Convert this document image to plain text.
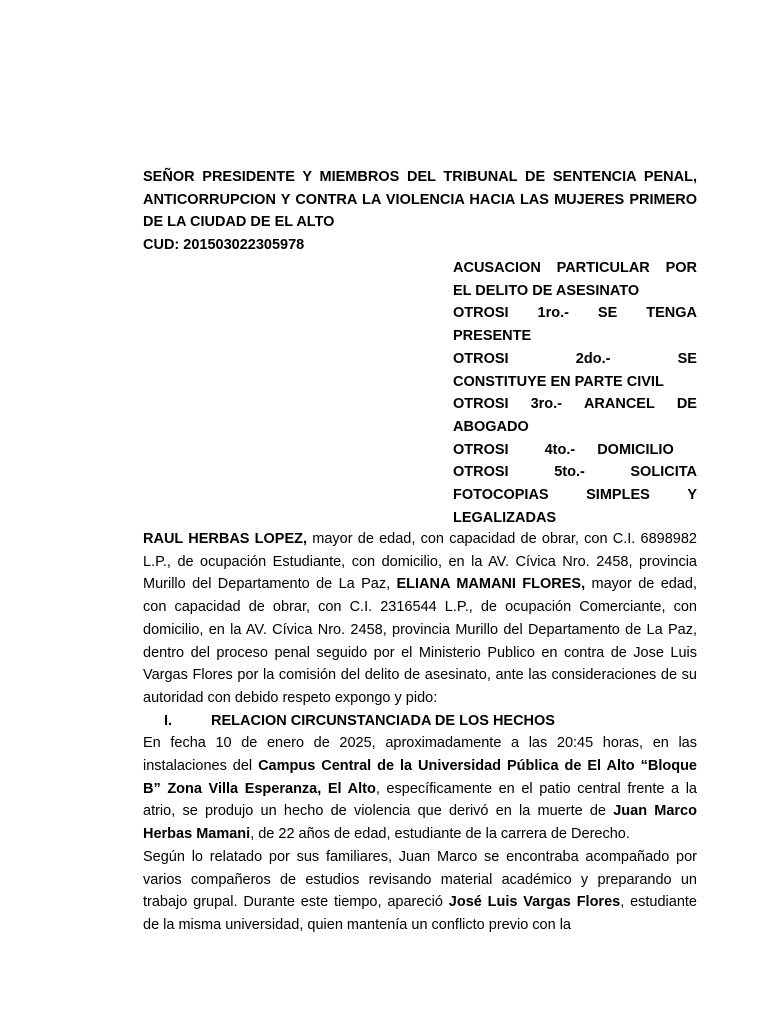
SEÑOR PRESIDENTE Y MIEMBROS DEL TRIBUNAL DE SENTENCIA PENAL, ANTICORRUPCION Y CONTRA LA VIOLENCIA HACIA LAS MUJERES PRIMERO DE LA CIUDAD DE EL ALTO

CUD: 201503022305978

ACUSACION PARTICULAR POR
EL DELITO DE ASESINATO
OTROSI 1ro.- SE TENGA
PRESENTE
OTROSI	2do.-	SE
CONSTITUYE EN PARTE CIVIL
OTROSI 3ro.- ARANCEL DE
ABOGADO
OTROSI 4to.- DOMICILIO
OTROSI	5to.-	SOLICITA
FOTOCOPIAS	SIMPLES	Y
LEGALIZADAS

RAUL HERBAS LOPEZ, mayor de edad, con capacidad de obrar, con C.I. 6898982 L.P., de ocupación Estudiante, con domicilio, en la AV. Cívica Nro. 2458, provincia Murillo del Departamento de La Paz, ELIANA MAMANI FLORES, mayor de edad, con capacidad de obrar, con C.I. 2316544 L.P., de ocupación Comerciante, con domicilio, en la AV. Cívica Nro. 2458, provincia Murillo del Departamento de La Paz, dentro del proceso penal seguido por el Ministerio Publico en contra de Jose Luis Vargas Flores por la comisión del delito de asesinato, ante las consideraciones de su autoridad con debido respeto expongo y pido:

I.	RELACION CIRCUNSTANCIADA DE LOS HECHOS

En fecha 10 de enero de 2025, aproximadamente a las 20:45 horas, en las instalaciones del Campus Central de la Universidad Pública de El Alto “Bloque B” Zona Villa Esperanza, El Alto, específicamente en el patio central frente a la atrio, se produjo un hecho de violencia que derivó en la muerte de Juan Marco Herbas Mamani, de 22 años de edad, estudiante de la carrera de Derecho.

Según lo relatado por sus familiares, Juan Marco se encontraba acompañado por varios compañeros de estudios revisando material académico y preparando un trabajo grupal. Durante este tiempo, apareció José Luis Vargas Flores, estudiante de la misma universidad, quien mantenía un conflicto previo con la
